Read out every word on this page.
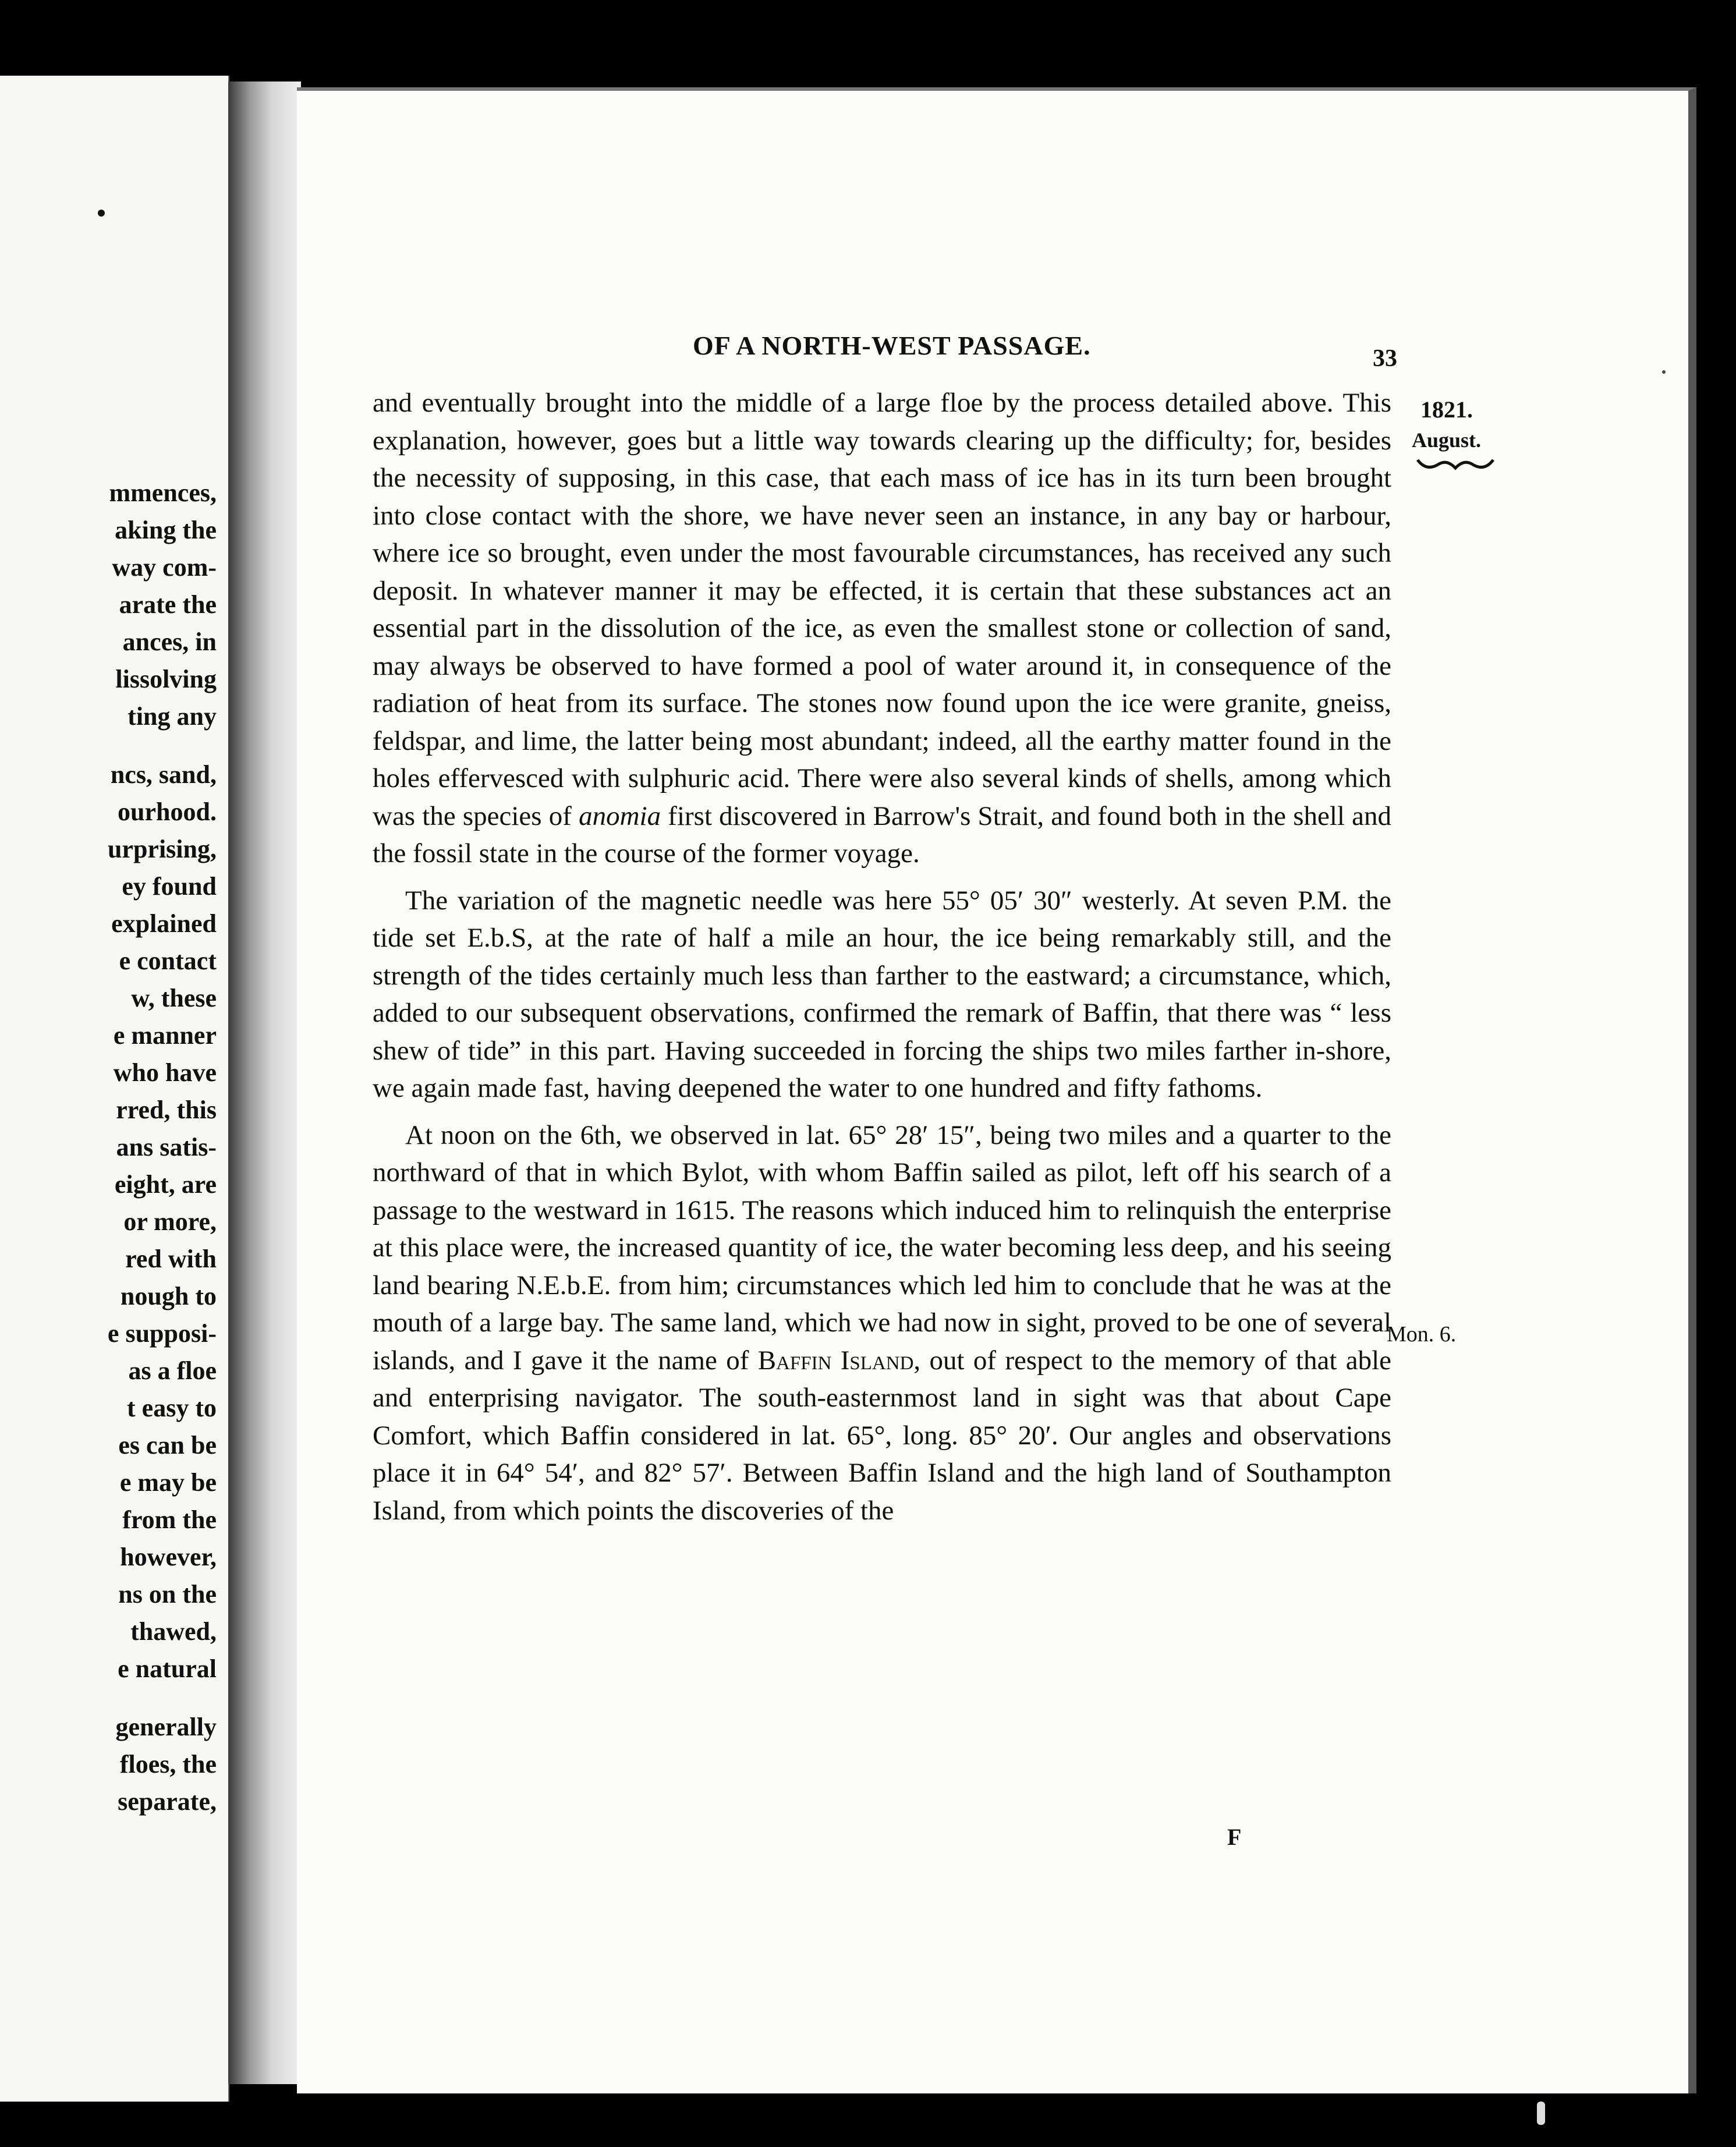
mmences,
aking the
way com-
arate the
ances, in
lissolving
ting any
ncs, sand,
ourhood.
urprising,
ey found
explained
e contact
w, these
e manner
who have
rred, this
ans satis-
eight, are
or more,
red with
nough to
e supposi-
as a floe
t easy to
es can be
e may be
from the
however,
ns on the
thawed,
e natural
generally
floes, the
separate,
OF A NORTH-WEST PASSAGE.	33
1821.
August.
Mon. 6.

and eventually brought into the middle of a large floe by the process detailed above. This explanation, however, goes but a little way towards clearing up the difficulty; for, besides the necessity of supposing, in this case, that each mass of ice has in its turn been brought into close contact with the shore, we have never seen an instance, in any bay or harbour, where ice so brought, even under the most favourable circumstances, has received any such deposit. In whatever manner it may be effected, it is certain that these substances act an essential part in the dissolution of the ice, as even the smallest stone or collection of sand, may always be observed to have formed a pool of water around it, in consequence of the radiation of heat from its surface. The stones now found upon the ice were granite, gneiss, feldspar, and lime, the latter being most abundant; indeed, all the earthy matter found in the holes effervesced with sulphuric acid. There were also several kinds of shells, among which was the species of anomia first discovered in Barrow's Strait, and found both in the shell and the fossil state in the course of the former voyage.

The variation of the magnetic needle was here 55° 05′ 30″ westerly. At seven P.M. the tide set E.b.S, at the rate of half a mile an hour, the ice being remarkably still, and the strength of the tides certainly much less than farther to the eastward; a circumstance, which, added to our subsequent observations, confirmed the remark of Baffin, that there was “ less shew of tide” in this part. Having succeeded in forcing the ships two miles farther in-shore, we again made fast, having deepened the water to one hundred and fifty fathoms.

At noon on the 6th, we observed in lat. 65° 28′ 15″, being two miles and a quarter to the northward of that in which Bylot, with whom Baffin sailed as pilot, left off his search of a passage to the westward in 1615. The reasons which induced him to relinquish the enterprise at this place were, the increased quantity of ice, the water becoming less deep, and his seeing land bearing N.E.b.E. from him; circumstances which led him to conclude that he was at the mouth of a large bay. The same land, which we had now in sight, proved to be one of several islands, and I gave it the name of Baffin Island, out of respect to the memory of that able and enterprising navigator. The south-easternmost land in sight was that about Cape Comfort, which Baffin considered in lat. 65°, long. 85° 20′. Our angles and observations place it in 64° 54′, and 82° 57′. Between Baffin Island and the high land of Southampton Island, from which points the discoveries of the

F
